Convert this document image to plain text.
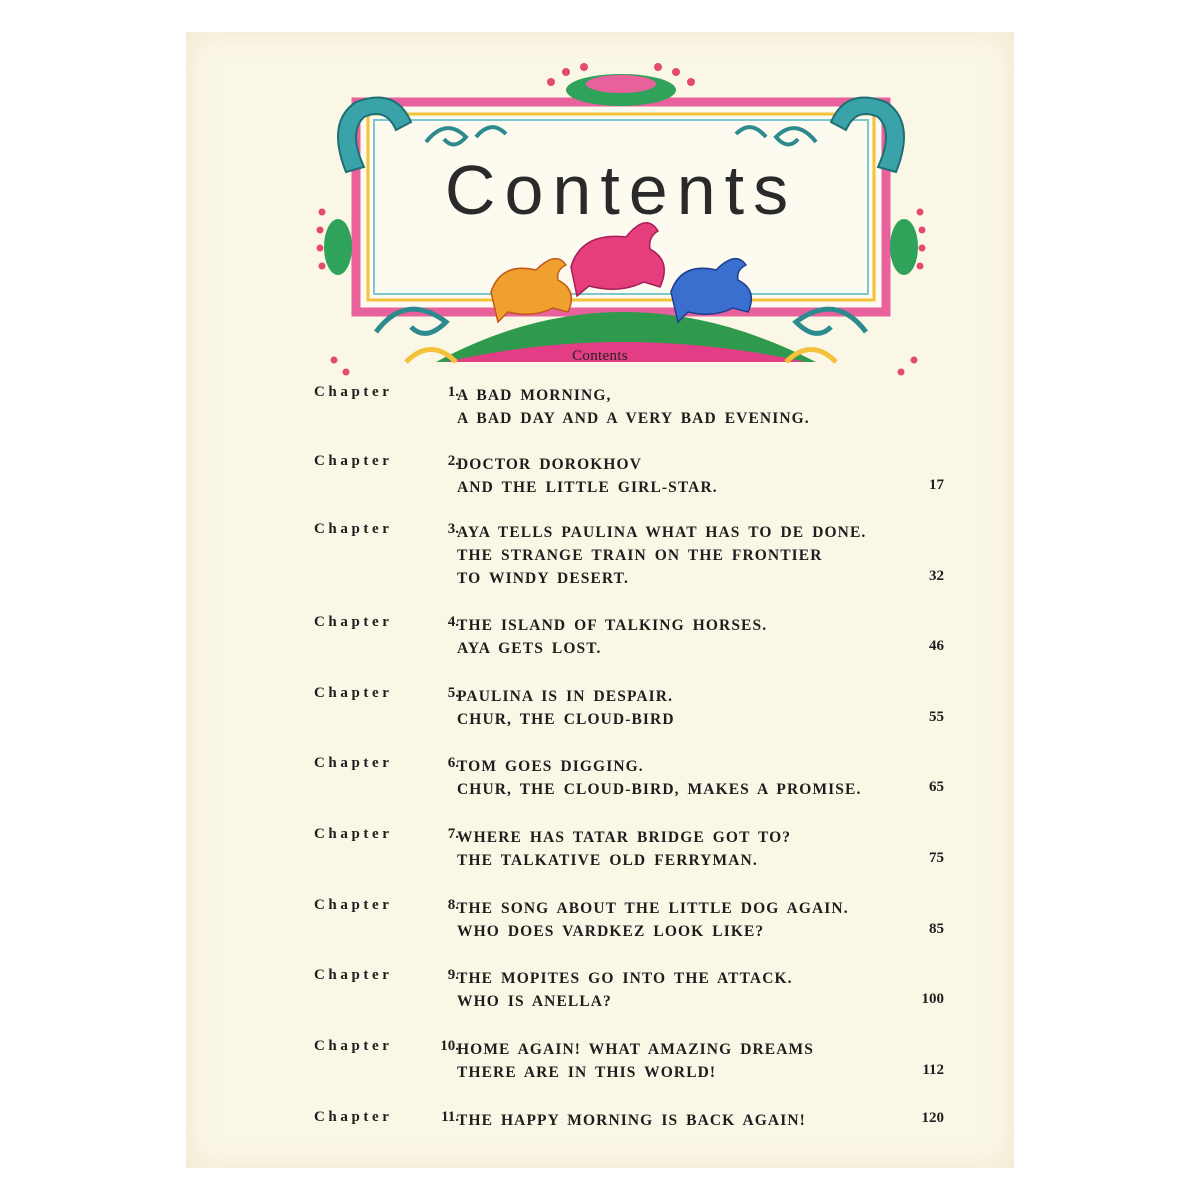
Contents
Contents
Chapter	1.
A BAD MORNING,
A BAD DAY AND A VERY BAD EVENING.
Chapter	2.
DOCTOR DOROKHOV
AND THE LITTLE GIRL-STAR.	17
Chapter	3.
AYA TELLS PAULINA WHAT HAS TO DE DONE.
THE STRANGE TRAIN ON THE FRONTIER
TO WINDY DESERT.	32
Chapter	4.
THE ISLAND OF TALKING HORSES.
AYA GETS LOST.	46
Chapter	5.
PAULINA IS IN DESPAIR.
CHUR, THE CLOUD-BIRD	55
Chapter	6.
TOM GOES DIGGING.
CHUR, THE CLOUD-BIRD, MAKES A PROMISE.	65
Chapter	7.
WHERE HAS TATAR BRIDGE GOT TO?
THE TALKATIVE OLD FERRYMAN.	75
Chapter	8.
THE SONG ABOUT THE LITTLE DOG AGAIN.
WHO DOES VARDKEZ LOOK LIKE?	85
Chapter	9.
THE MOPITES GO INTO THE ATTACK.
WHO IS ANELLA?	100
Chapter	10.
HOME AGAIN! WHAT AMAZING DREAMS
THERE ARE IN THIS WORLD!	112
Chapter	11.
THE HAPPY MORNING IS BACK AGAIN!	120
